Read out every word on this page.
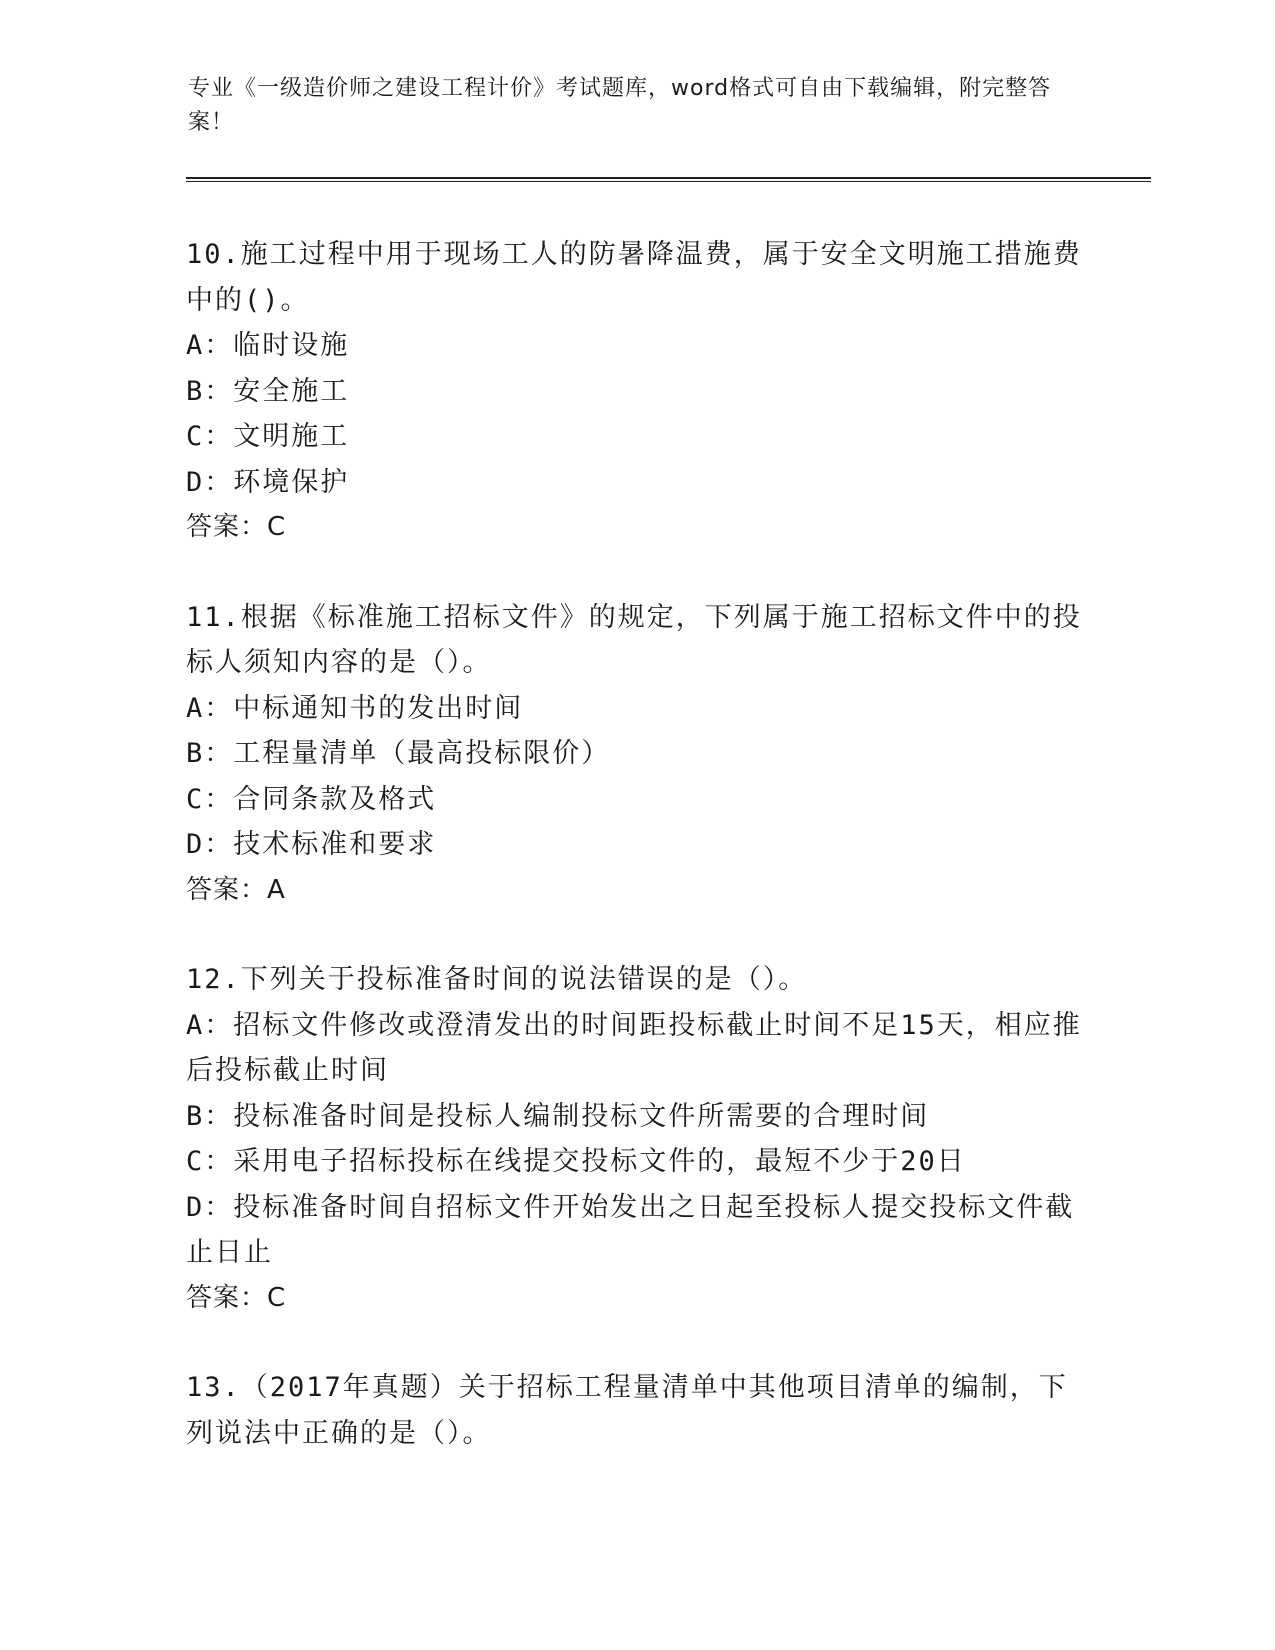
专业《一级造价师之建设工程计价》考试题库，word格式可自由下载编辑，附完整答案！

10.施工过程中用于现场工人的防暑降温费，属于安全文明施工措施费中的()。

A：临时设施

B：安全施工

C：文明施工

D：环境保护

答案：C

11.根据《标准施工招标文件》的规定，下列属于施工招标文件中的投标人须知内容的是（）。

A：中标通知书的发出时间

B：工程量清单（最高投标限价）

C：合同条款及格式

D：技术标准和要求

答案：A

12.下列关于投标准备时间的说法错误的是（）。

A：招标文件修改或澄清发出的时间距投标截止时间不足15天，相应推后投标截止时间

B：投标准备时间是投标人编制投标文件所需要的合理时间

C：采用电子招标投标在线提交投标文件的，最短不少于20日

D：投标准备时间自招标文件开始发出之日起至投标人提交投标文件截止日止

答案：C

13.（2017年真题）关于招标工程量清单中其他项目清单的编制，下列说法中正确的是（）。
